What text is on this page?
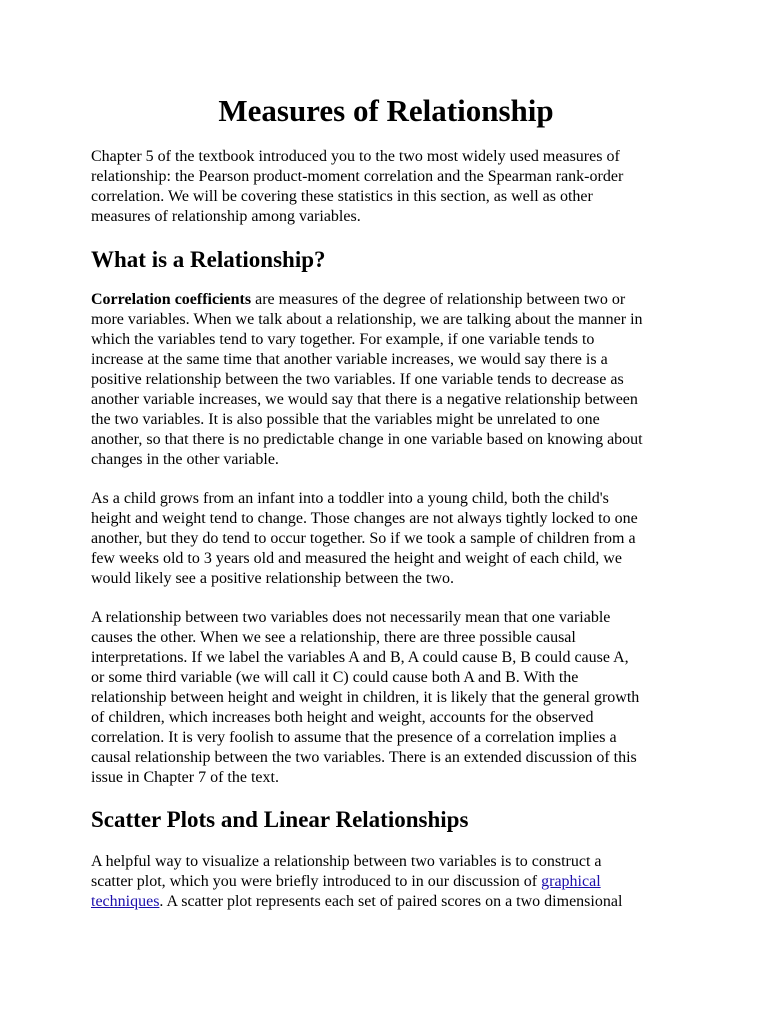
Measures of Relationship

Chapter 5 of the textbook introduced you to the two most widely used measures of
relationship: the Pearson product-moment correlation and the Spearman rank-order
correlation. We will be covering these statistics in this section, as well as other
measures of relationship among variables.

What is a Relationship?

Correlation coefficients are measures of the degree of relationship between two or
more variables. When we talk about a relationship, we are talking about the manner in
which the variables tend to vary together. For example, if one variable tends to
increase at the same time that another variable increases, we would say there is a
positive relationship between the two variables. If one variable tends to decrease as
another variable increases, we would say that there is a negative relationship between
the two variables. It is also possible that the variables might be unrelated to one
another, so that there is no predictable change in one variable based on knowing about
changes in the other variable.

As a child grows from an infant into a toddler into a young child, both the child's
height and weight tend to change. Those changes are not always tightly locked to one
another, but they do tend to occur together. So if we took a sample of children from a
few weeks old to 3 years old and measured the height and weight of each child, we
would likely see a positive relationship between the two.

A relationship between two variables does not necessarily mean that one variable
causes the other. When we see a relationship, there are three possible causal
interpretations. If we label the variables A and B, A could cause B, B could cause A,
or some third variable (we will call it C) could cause both A and B. With the
relationship between height and weight in children, it is likely that the general growth
of children, which increases both height and weight, accounts for the observed
correlation. It is very foolish to assume that the presence of a correlation implies a
causal relationship between the two variables. There is an extended discussion of this
issue in Chapter 7 of the text.

Scatter Plots and Linear Relationships

A helpful way to visualize a relationship between two variables is to construct a
scatter plot, which you were briefly introduced to in our discussion of graphical
techniques. A scatter plot represents each set of paired scores on a two dimensional
